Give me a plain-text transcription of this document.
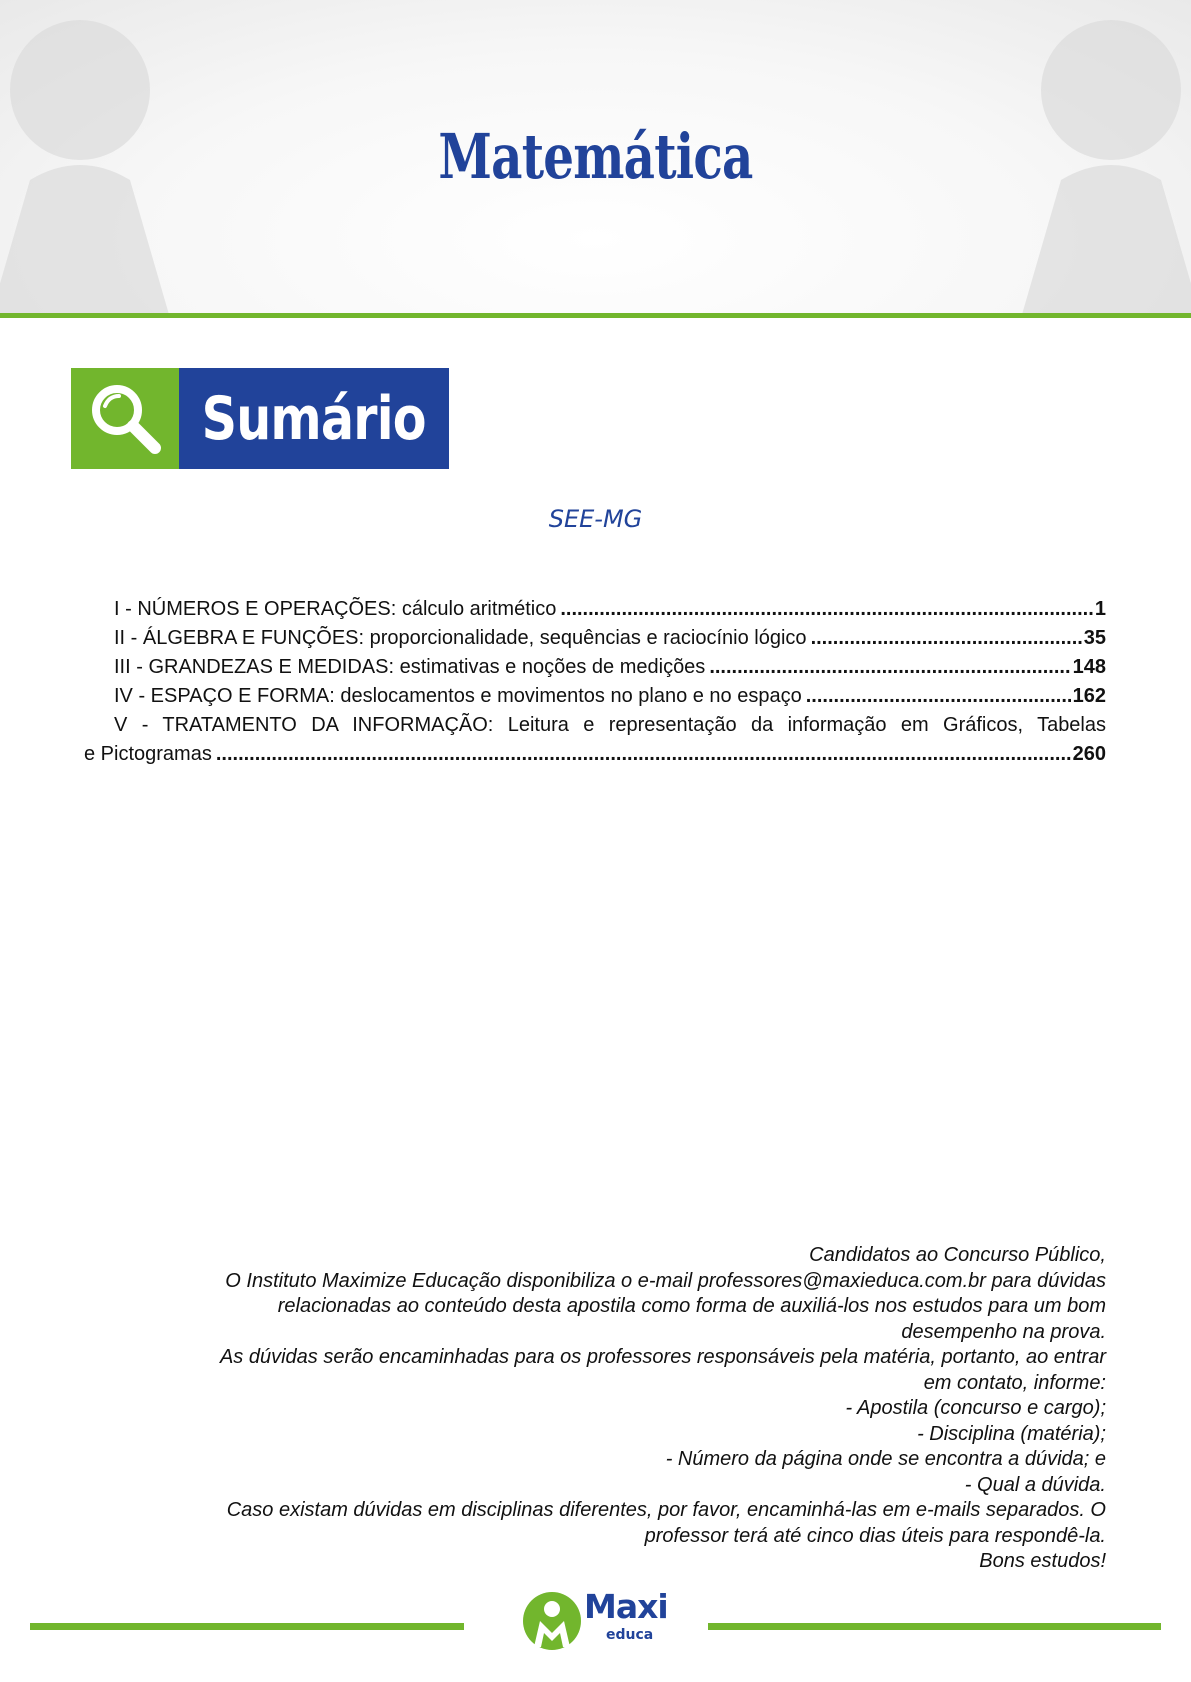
Matemática
Sumário
SEE-MG
I - NÚMEROS E OPERAÇÕES: cálculo aritmético .....	1
II - ÁLGEBRA E FUNÇÕES: proporcionalidade, sequências e raciocínio lógico .....	35
III - GRANDEZAS E MEDIDAS: estimativas e noções de medições .....	148
IV - ESPAÇO E FORMA: deslocamentos e movimentos no plano e no espaço .....	162
V - TRATAMENTO DA INFORMAÇÃO: Leitura e representação da informação em Gráficos, Tabelas
e Pictogramas .....	260

Candidatos ao Concurso Público,

O Instituto Maximize Educação disponibiliza o e-mail professores@maxieduca.com.br para dúvidas

relacionadas ao conteúdo desta apostila como forma de auxiliá-los nos estudos para um bom

desempenho na prova.

As dúvidas serão encaminhadas para os professores responsáveis pela matéria, portanto, ao entrar

em contato, informe:

- Apostila (concurso e cargo);

- Disciplina (matéria);

- Número da página onde se encontra a dúvida; e

- Qual a dúvida.

Caso existam dúvidas em disciplinas diferentes, por favor, encaminhá-las em e-mails separados. O

professor terá até cinco dias úteis para respondê-la.

Bons estudos!

Maxi
educa
